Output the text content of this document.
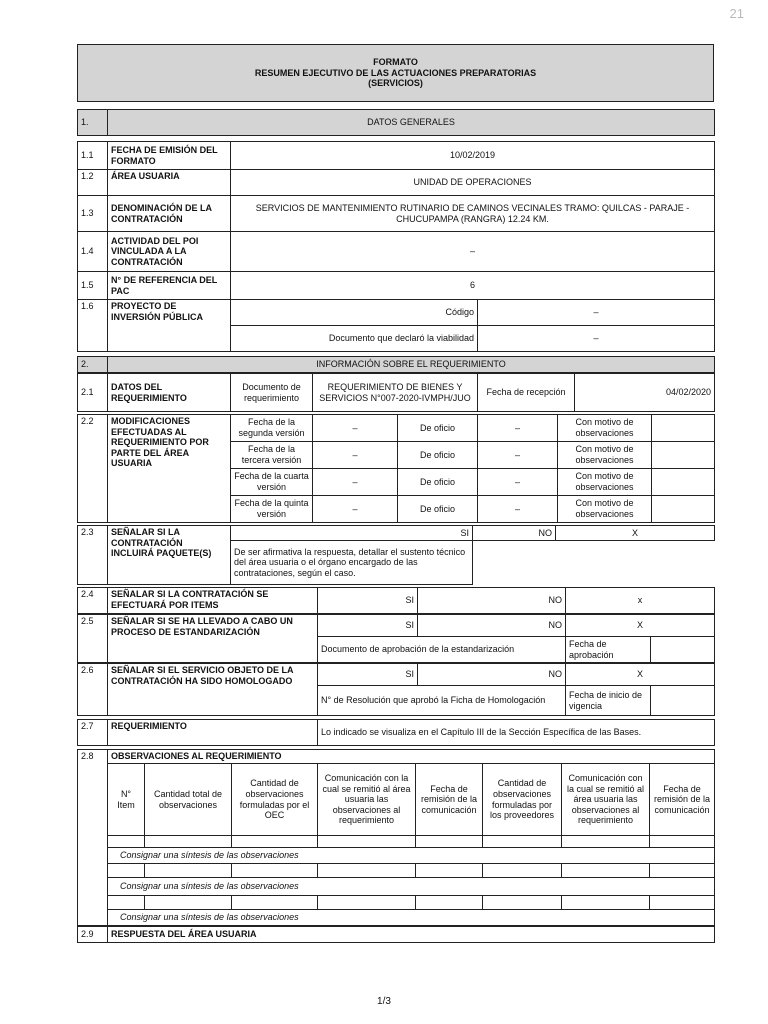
21
FORMATO
RESUMEN EJECUTIVO DE LAS ACTUACIONES PREPARATORIAS
(SERVICIOS)
1.	DATOS GENERALES		

1.1	FECHA DE EMISIÓN DEL FORMATO	10/02/2019	
1.2	ÁREA USUARIA	UNIDAD DE OPERACIONES	
1.3	DENOMINACIÓN DE LA CONTRATACIÓN	SERVICIOS DE MANTENIMIENTO RUTINARIO DE CAMINOS VECINALES TRAMO: QUILCAS - PARAJE - CHUCUPAMPA (RANGRA) 12.24 KM.	
1.4	ACTIVIDAD DEL POI VINCULADA A LA CONTRATACIÓN	–	
1.5	N° DE REFERENCIA DEL PAC	6	
1.6	PROYECTO DE INVERSIÓN PÚBLICA	Código	–
		Documento que declaró la viabilidad	–

2.	INFORMACIÓN SOBRE EL REQUERIMIENTO		
2.1	DATOS DEL REQUERIMIENTO	Documento de requerimiento	REQUERIMIENTO DE BIENES Y SERVICIOS N°007-2020-IVMPH/JUO	Fecha de recepción	04/02/2020
2.2	MODIFICACIONES EFECTUADAS AL REQUERIMIENTO POR PARTE DEL ÁREA USUARIA	Fecha de la segunda versión	–	De oficio	–	Con motivo de observaciones	
		Fecha de la tercera versión	–	De oficio	–	Con motivo de observaciones	
		Fecha de la cuarta versión	–	De oficio	–	Con motivo de observaciones	
		Fecha de la quinta versión	–	De oficio	–	Con motivo de observaciones	
2.3	SEÑALAR SI LA CONTRATACIÓN INCLUIRÁ PAQUETE(S)	SI	NO	X
		De ser afirmativa la respuesta, detallar el sustento técnico del área usuaria o el órgano encargado de las contrataciones, según el caso.		
2.4	SEÑALAR SI LA CONTRATACIÓN SE EFECTUARÁ POR ITEMS	SI	NO	x
2.5	SEÑALAR SI SE HA LLEVADO A CABO UN PROCESO DE ESTANDARIZACIÓN	SI	NO	X	
		Documento de aprobación de la estandarización		Fecha de aprobación	
2.6	SEÑALAR SI EL SERVICIO OBJETO DE LA CONTRATACIÓN HA SIDO HOMOLOGADO	SI	NO	X	
		N° de Resolución que aprobó la Ficha de Homologación		Fecha de inicio de vigencia	
2.7	REQUERIMIENTO	Lo indicado se visualiza en el Capítulo III de la Sección Específica de las Bases.
2.8	OBSERVACIONES AL REQUERIMIENTO							
	N° Item	Cantidad total de observaciones	Cantidad de observaciones formuladas por el OEC	Comunicación con la cual se remitió al área usuaria las observaciones al requerimiento	Fecha de remisión de la comunicación	Cantidad de observaciones formuladas por los proveedores	Comunicación con la cual se remitió al área usuaria las observaciones al requerimiento	Fecha de remisión de la comunicación

	Consignar una síntesis de las observaciones							

	Consignar una síntesis de las observaciones							

	Consignar una síntesis de las observaciones							
2.9	RESPUESTA DEL ÁREA USUARIA
1/3
